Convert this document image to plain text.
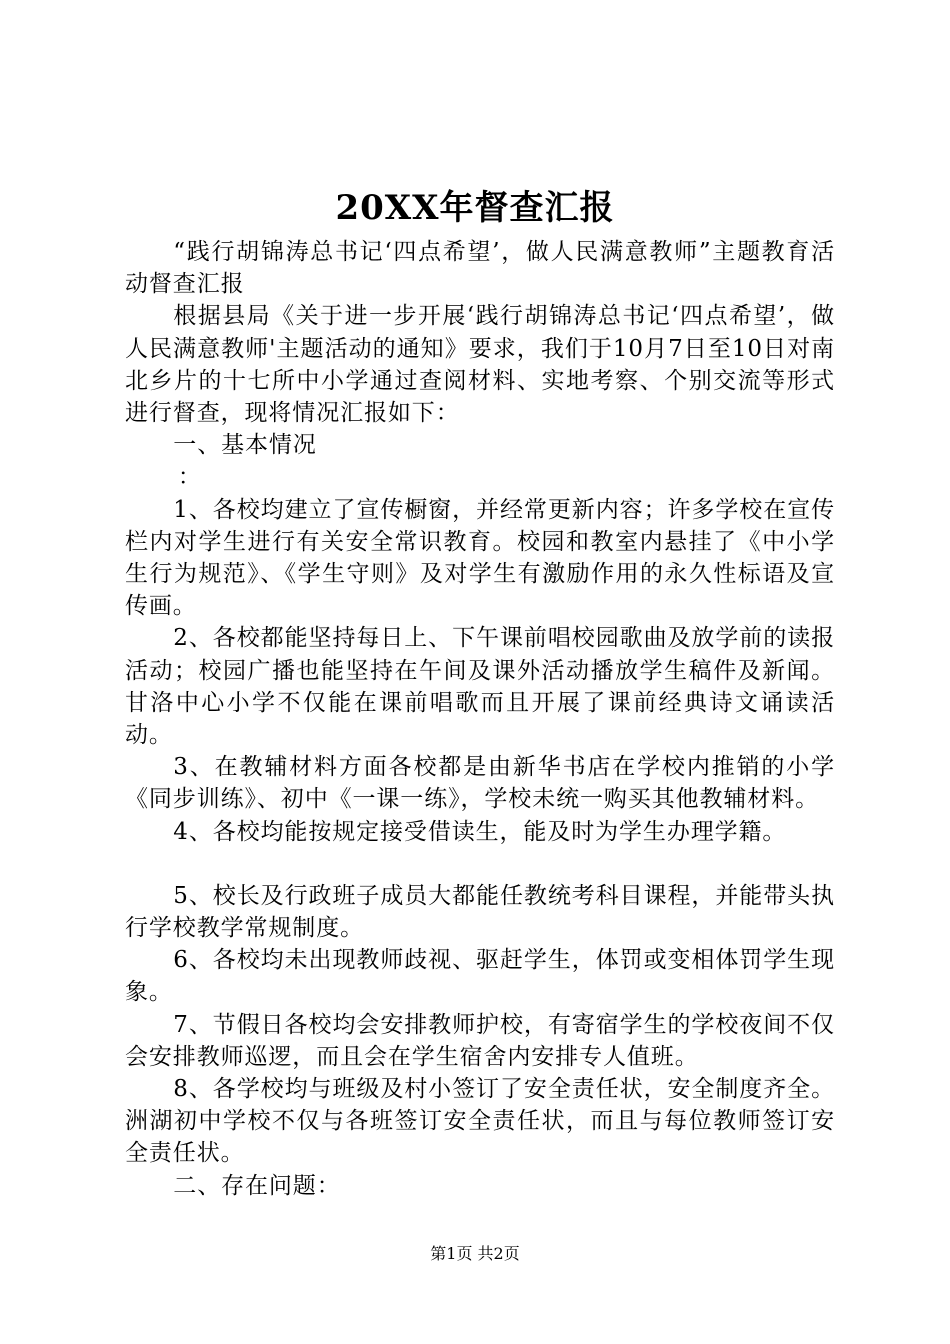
20XX年督查汇报

“践行胡锦涛总书记‘四点希望’，做人民满意教师”主题教育活动督查汇报

根据县局《关于进一步开展‘践行胡锦涛总书记‘四点希望’，做人民满意教师'主题活动的通知》要求，我们于10月7日至10日对南北乡片的十七所中小学通过查阅材料、实地考察、个别交流等形式进行督查，现将情况汇报如下：

一、基本情况

：

1、各校均建立了宣传橱窗，并经常更新内容；许多学校在宣传栏内对学生进行有关安全常识教育。校园和教室内悬挂了《中小学生行为规范》、《学生守则》及对学生有激励作用的永久性标语及宣传画。

2、各校都能坚持每日上、下午课前唱校园歌曲及放学前的读报活动；校园广播也能坚持在午间及课外活动播放学生稿件及新闻。甘洛中心小学不仅能在课前唱歌而且开展了课前经典诗文诵读活动。

3、在教辅材料方面各校都是由新华书店在学校内推销的小学《同步训练》、初中《一课一练》，学校未统一购买其他教辅材料。

4、各校均能按规定接受借读生，能及时为学生办理学籍。

5、校长及行政班子成员大都能任教统考科目课程，并能带头执行学校教学常规制度。

6、各校均未出现教师歧视、驱赶学生，体罚或变相体罚学生现象。

7、节假日各校均会安排教师护校，有寄宿学生的学校夜间不仅会安排教师巡逻，而且会在学生宿舍内安排专人值班。

8、各学校均与班级及村小签订了安全责任状，安全制度齐全。洲湖初中学校不仅与各班签订安全责任状，而且与每位教师签订安全责任状。

二、存在问题：

第1页 共2页
